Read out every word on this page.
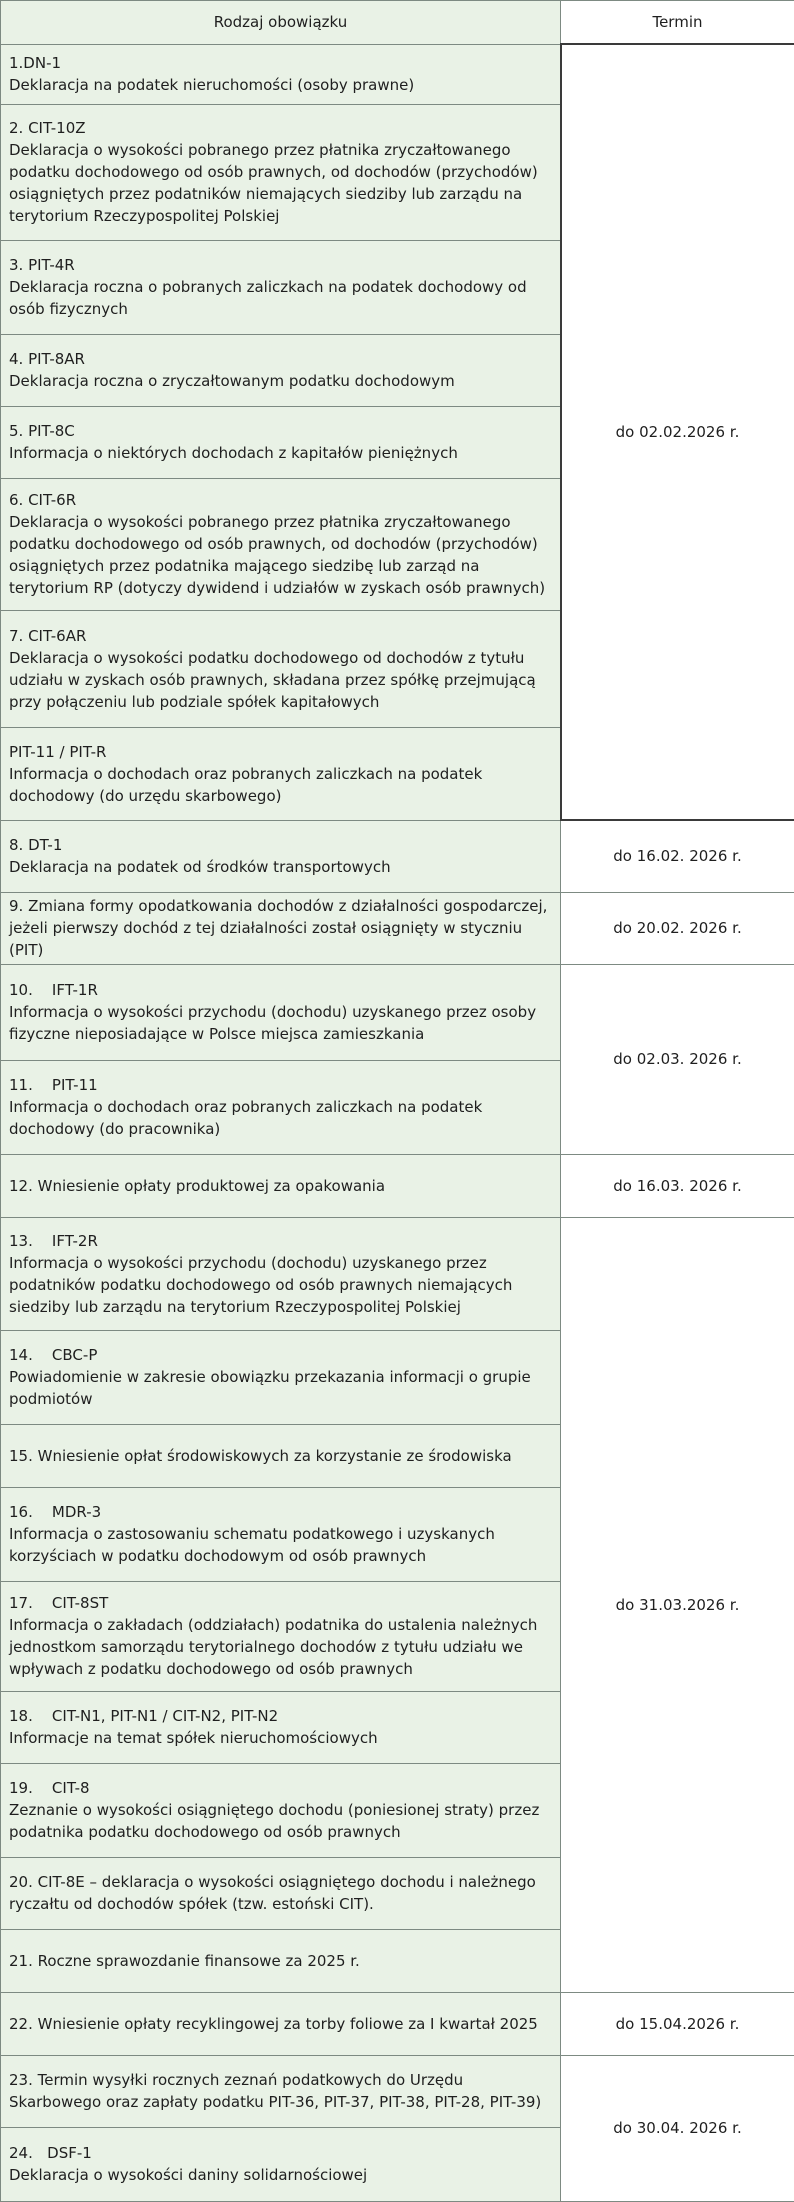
Rodzaj obowiązku	Termin

1.DN-1
Deklaracja na podatek nieruchomości (osoby prawne)	do 02.02.2026 r.

2. CIT-10Z
Deklaracja o wysokości pobranego przez płatnika zryczałtowanego podatku dochodowego od osób prawnych, od dochodów (przychodów) osiągniętych przez podatników niemających siedziby lub zarządu na terytorium Rzeczypospolitej Polskiej	

3. PIT-4R
Deklaracja roczna o pobranych zaliczkach na podatek dochodowy od osób fizycznych	

4. PIT-8AR
Deklaracja roczna o zryczałtowanym podatku dochodowym	

5. PIT-8C
Informacja o niektórych dochodach z kapitałów pieniężnych	

6. CIT-6R
Deklaracja o wysokości pobranego przez płatnika zryczałtowanego podatku dochodowego od osób prawnych, od dochodów (przychodów) osiągniętych przez podatnika mającego siedzibę lub zarząd na terytorium RP (dotyczy dywidend i udziałów w zyskach osób prawnych)	

7. CIT-6AR
Deklaracja o wysokości podatku dochodowego od dochodów z tytułu udziału w zyskach osób prawnych, składana przez spółkę przejmującą przy połączeniu lub podziale spółek kapitałowych	

PIT-11 / PIT-R
Informacja o dochodach oraz pobranych zaliczkach na podatek dochodowy (do urzędu skarbowego)	

8. DT-1
Deklaracja na podatek od środków transportowych	do 16.02. 2026 r.

9. Zmiana formy opodatkowania dochodów z działalności gospodarczej, jeżeli pierwszy dochód z tej działalności został osiągnięty w styczniu (PIT)	do 20.02. 2026 r.

10.    IFT-1R
Informacja o wysokości przychodu (dochodu) uzyskanego przez osoby fizyczne nieposiadające w Polsce miejsca zamieszkania	do 02.03. 2026 r.

11.    PIT-11
Informacja o dochodach oraz pobranych zaliczkach na podatek dochodowy (do pracownika)	

12. Wniesienie opłaty produktowej za opakowania	do 16.03. 2026 r.

13.    IFT-2R
Informacja o wysokości przychodu (dochodu) uzyskanego przez podatników podatku dochodowego od osób prawnych niemających siedziby lub zarządu na terytorium Rzeczypospolitej Polskiej	do 31.03.2026 r.

14.    CBC-P
Powiadomienie w zakresie obowiązku przekazania informacji o grupie podmiotów	

15. Wniesienie opłat środowiskowych za korzystanie ze środowiska	

16.    MDR-3
Informacja o zastosowaniu schematu podatkowego i uzyskanych korzyściach w podatku dochodowym od osób prawnych	

17.    CIT-8ST
Informacja o zakładach (oddziałach) podatnika do ustalenia należnych jednostkom samorządu terytorialnego dochodów z tytułu udziału we wpływach z podatku dochodowego od osób prawnych	

18.    CIT-N1, PIT-N1 / CIT-N2, PIT-N2
Informacje na temat spółek nieruchomościowych	

19.    CIT-8
Zeznanie o wysokości osiągniętego dochodu (poniesionej straty) przez podatnika podatku dochodowego od osób prawnych	

20. CIT-8E – deklaracja o wysokości osiągniętego dochodu i należnego ryczałtu od dochodów spółek (tzw. estoński CIT).	

21. Roczne sprawozdanie finansowe za 2025 r.	

22. Wniesienie opłaty recyklingowej za torby foliowe za I kwartał 2025	do 15.04.2026 r.

23. Termin wysyłki rocznych zeznań podatkowych do Urzędu Skarbowego oraz zapłaty podatku PIT-36, PIT-37, PIT-38, PIT-28, PIT-39)	do 30.04. 2026 r.

24.   DSF-1
Deklaracja o wysokości daniny solidarnościowej	
